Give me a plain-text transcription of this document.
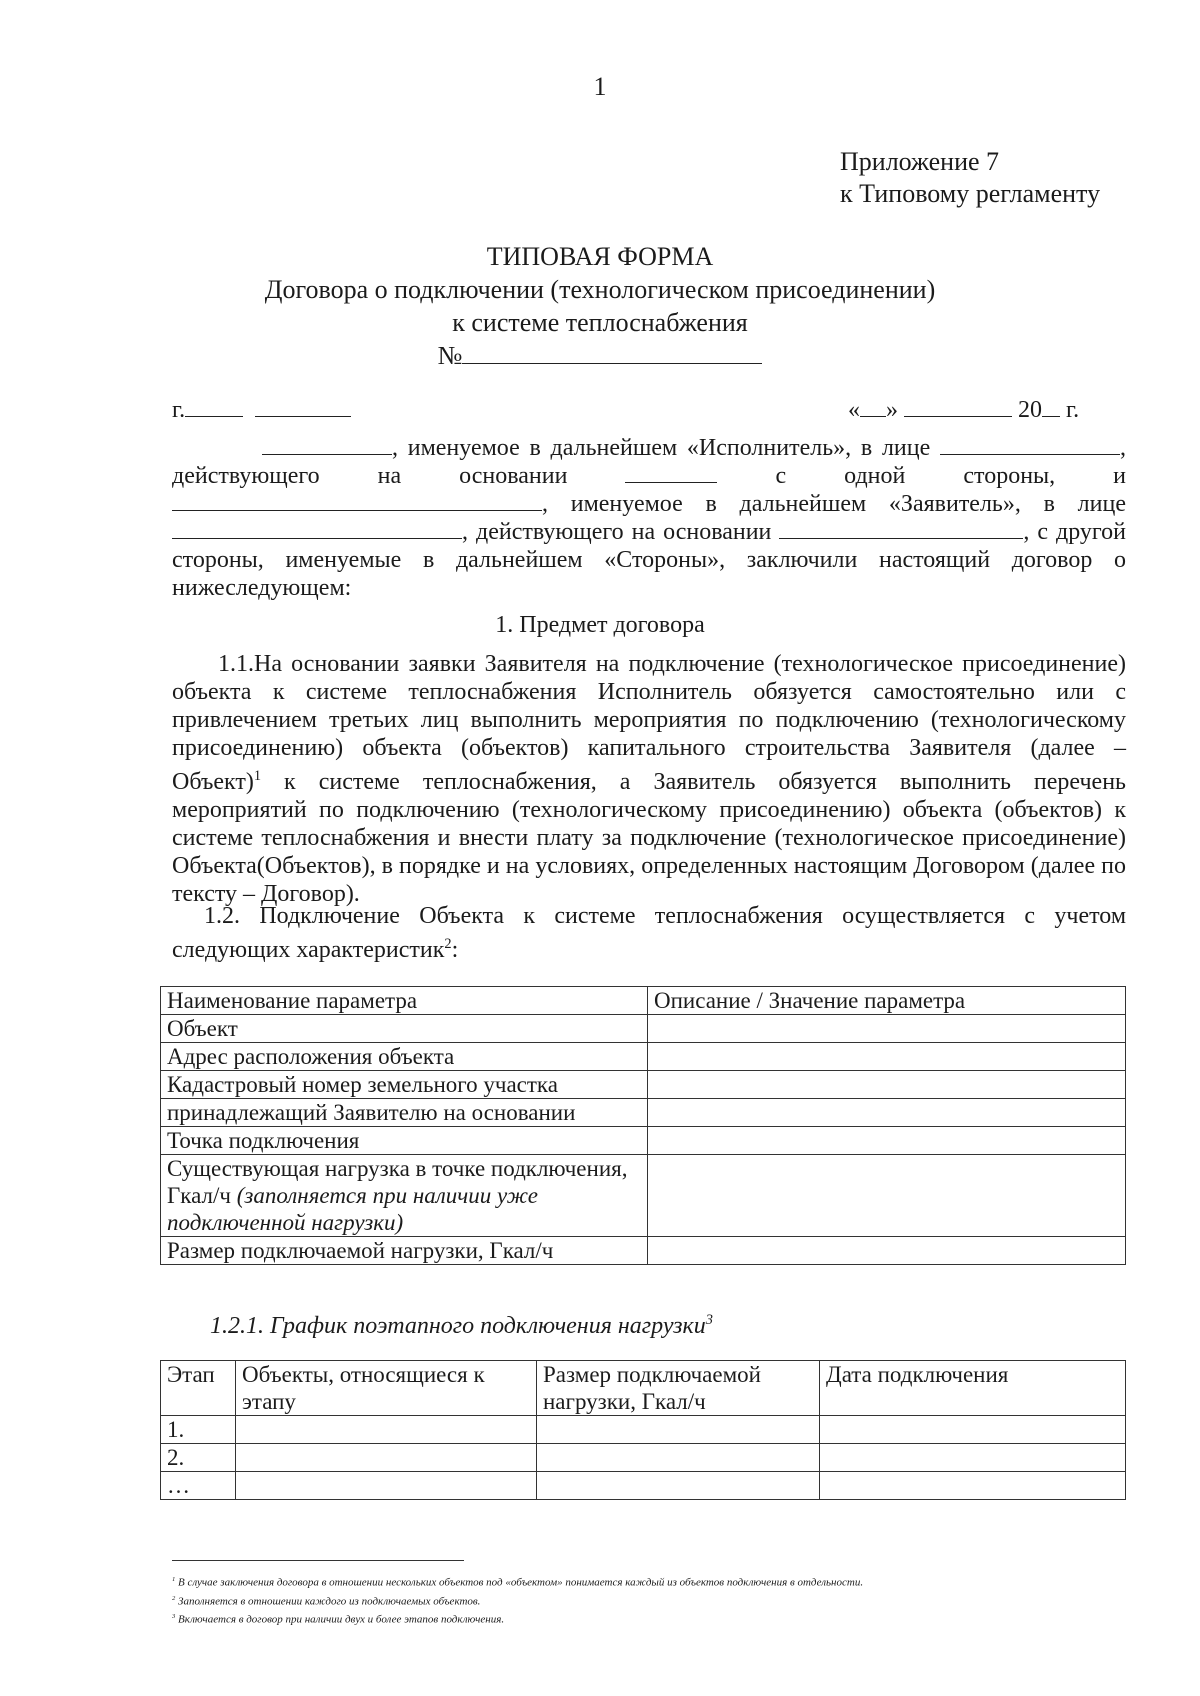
1
Приложение 7
к Типовому регламенту
ТИПОВАЯ ФОРМА
Договора о подключении (технологическом присоединении)
к системе теплоснабжения
№
г.	« »	20 г.
, именуемое в дальнейшем «Исполнитель», в лице	, действующего на основании	с одной стороны, и , именуемое в дальнейшем «Заявитель», в лице , действующего на основании	, с другой стороны, именуемые в дальнейшем «Стороны», заключили настоящий договор о нижеследующем:
1. Предмет договора
1.1.На основании заявки Заявителя на подключение (технологическое присоединение) объекта к системе теплоснабжения Исполнитель обязуется самостоятельно или с привлечением третьих лиц выполнить мероприятия по подключению (технологическому присоединению) объекта (объектов) капитального строительства Заявителя (далее – Объект)$^1$ к системе теплоснабжения, а Заявитель обязуется выполнить перечень мероприятий по подключению (технологическому присоединению) объекта (объектов) к системе теплоснабжения и внести плату за подключение (технологическое присоединение) Объекта(Объектов), в порядке и на условиях, определенных настоящим Договором (далее по тексту – Договор).
1.2. Подключение Объекта к системе теплоснабжения осуществляется с учетом следующих характеристик$^2$:
Наименование параметра	Описание / Значение параметра
Объект	
Адрес расположения объекта	
Кадастровый номер земельного участка	
принадлежащий Заявителю на основании	
Точка подключения	
Существующая нагрузка в точке подключения, Гкал/ч (заполняется при наличии уже подключенной нагрузки)	
Размер подключаемой нагрузки, Гкал/ч	
1.2.1. График поэтапного подключения нагрузки$^3$
Этап	Объекты, относящиеся к этапу	Размер подключаемой нагрузки, Гкал/ч	Дата подключения
1.			
2.			
…			
$^1$ В случае заключения договора в отношении нескольких объектов под «объектом» понимается каждый из объектов подключения в отдельности.
$^2$ Заполняется в отношении каждого из подключаемых объектов.
$^3$ Включается в договор при наличии двух и более этапов подключения.
